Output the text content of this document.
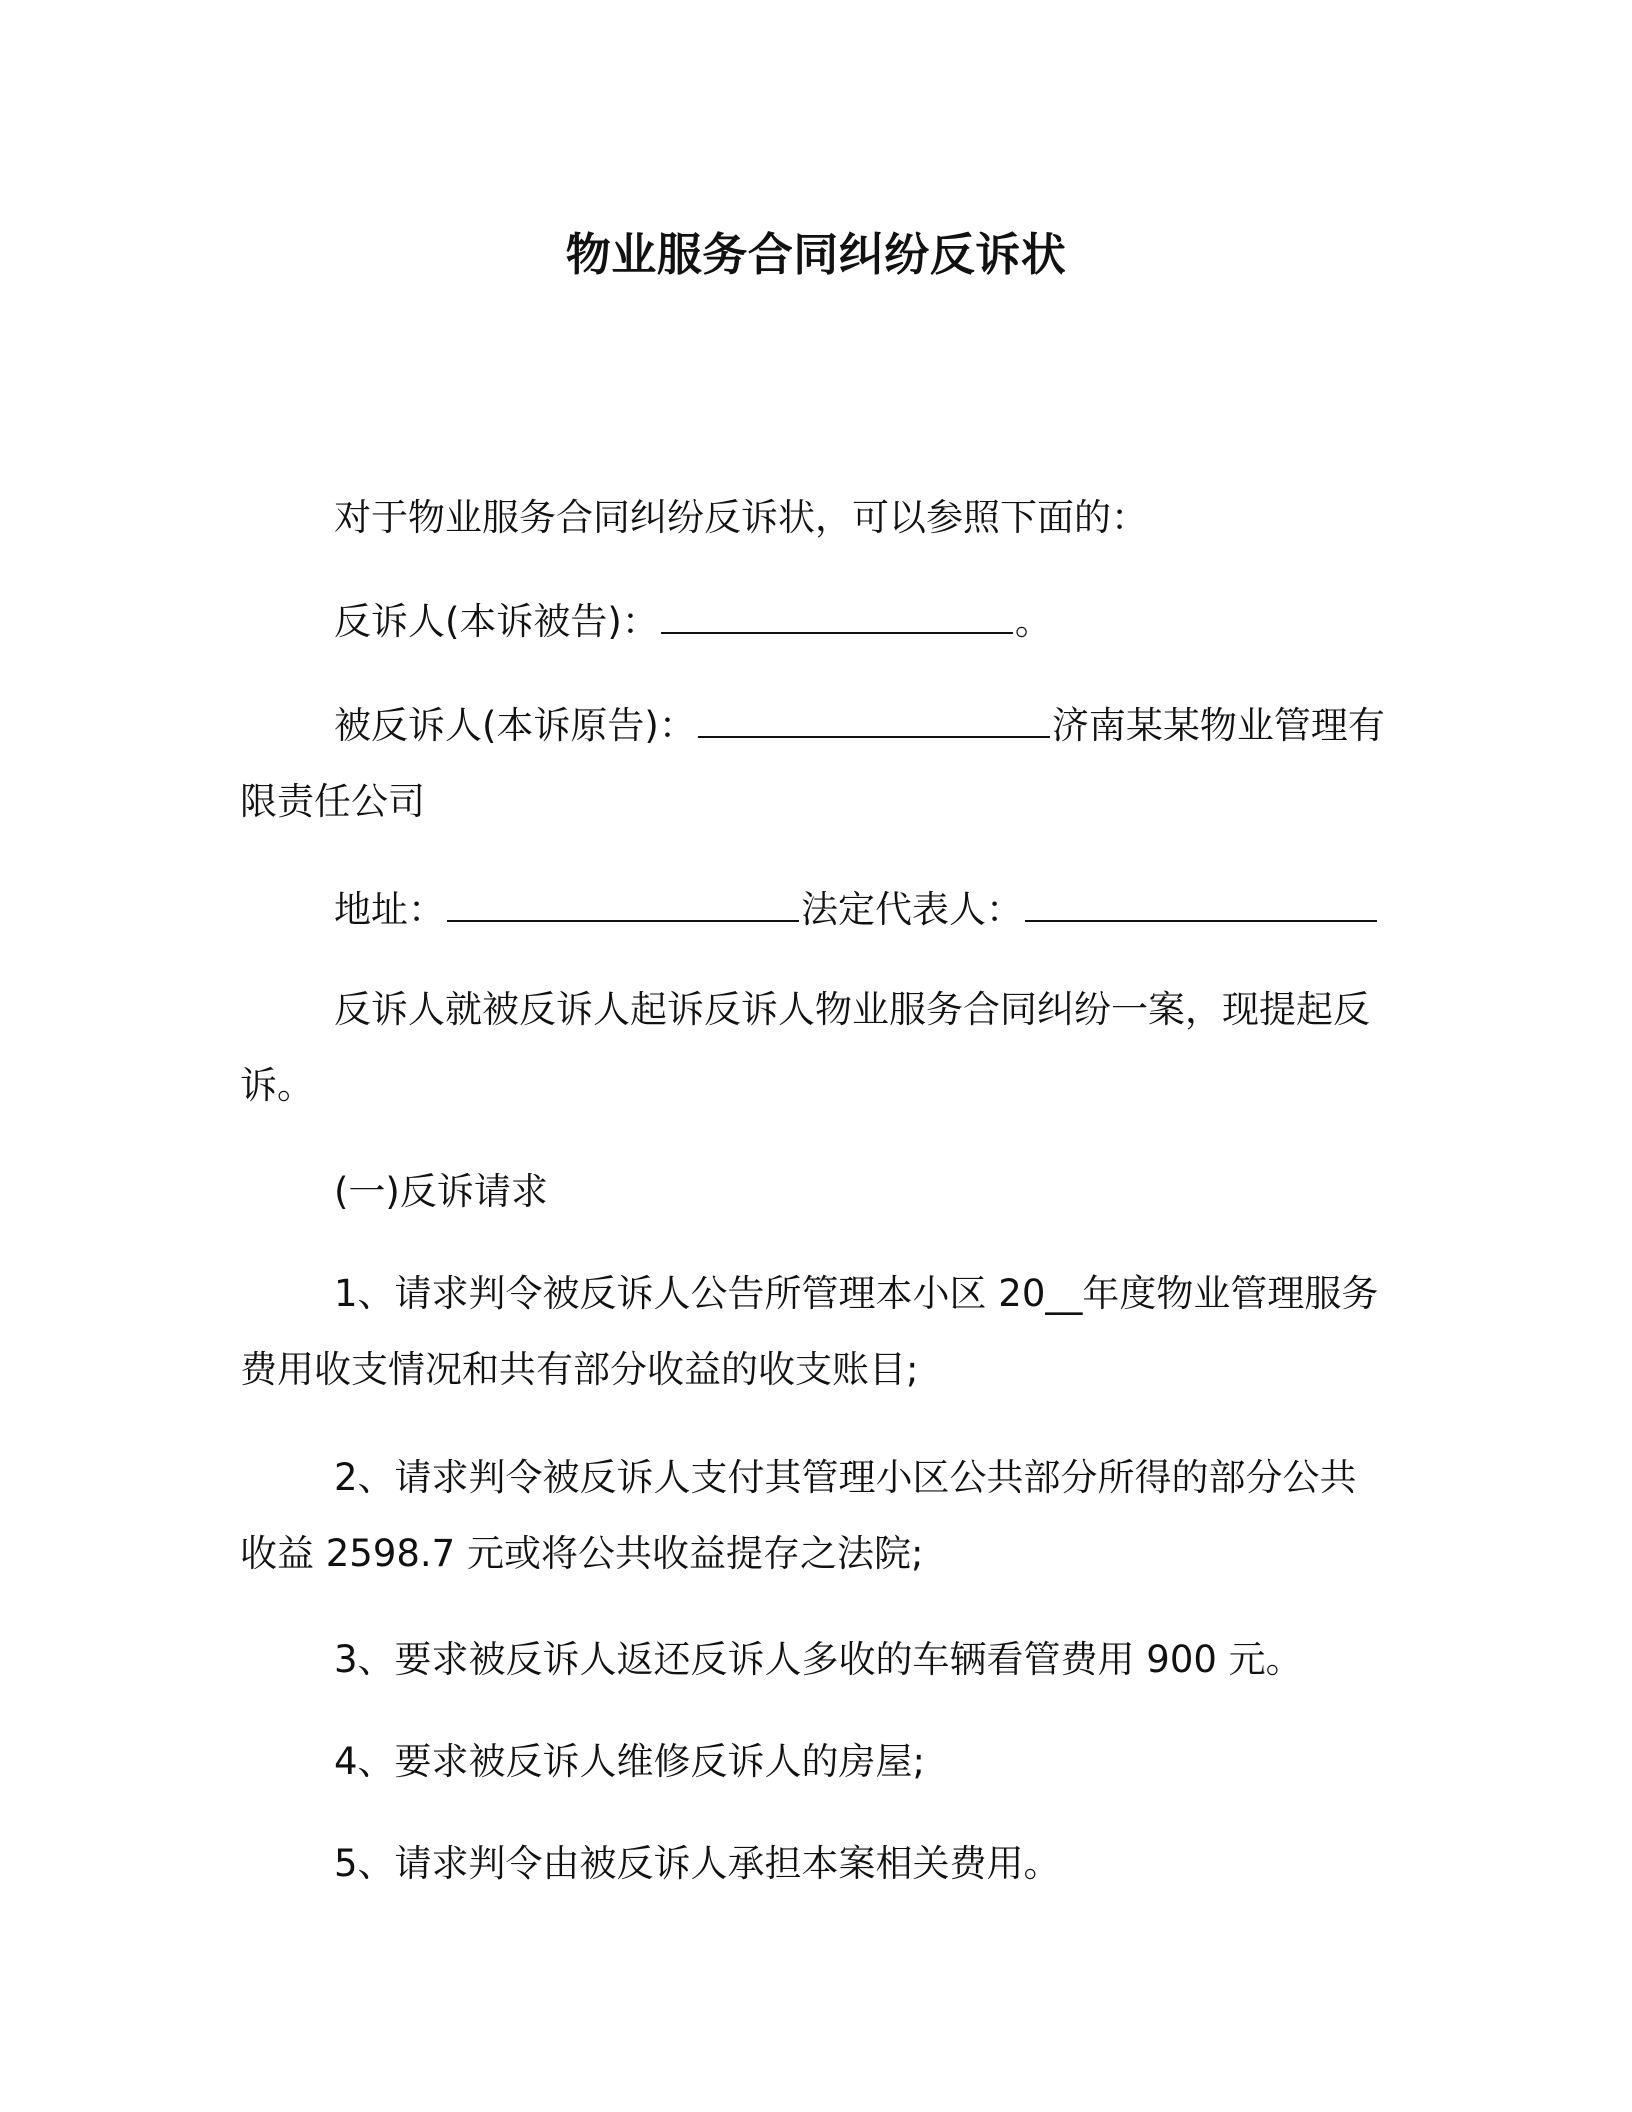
物业服务合同纠纷反诉状
对于物业服务合同纠纷反诉状，可以参照下面的：
反诉人(本诉被告)：	。
被反诉人(本诉原告)：	济南某某物业管理有限责任公司
地址：	法定代表人：
反诉人就被反诉人起诉反诉人物业服务合同纠纷一案，现提起反诉。
(一)反诉请求
1、请求判令被反诉人公告所管理本小区 20__年度物业管理服务费用收支情况和共有部分收益的收支账目;
2、请求判令被反诉人支付其管理小区公共部分所得的部分公共收益 2598.7 元或将公共收益提存之法院;
3、要求被反诉人返还反诉人多收的车辆看管费用 900 元。
4、要求被反诉人维修反诉人的房屋;
5、请求判令由被反诉人承担本案相关费用。
